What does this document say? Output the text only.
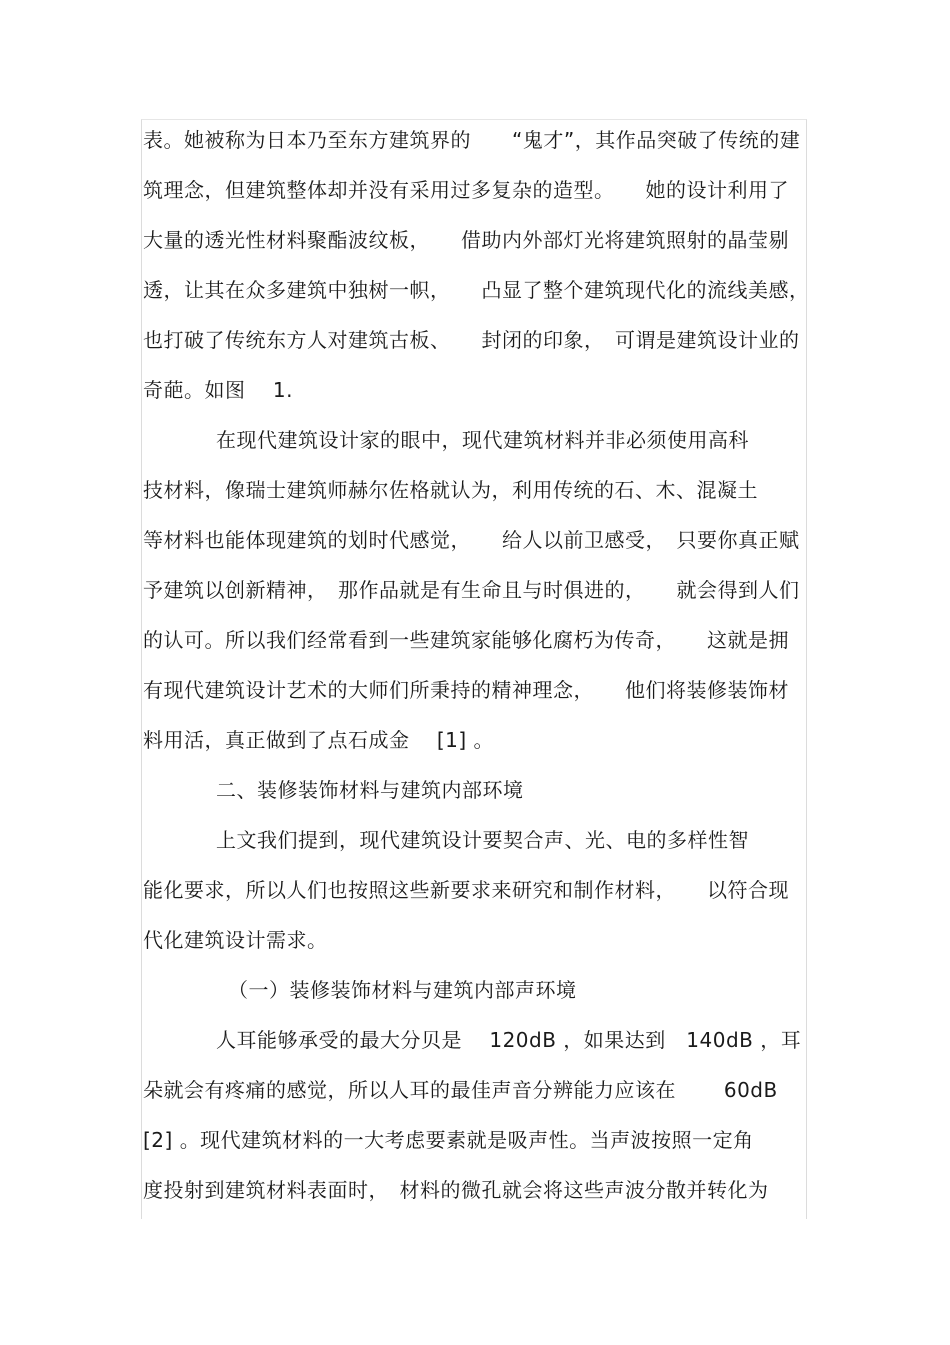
表。她被称为日本乃至东方建筑界的　　“鬼才”，其作品突破了传统的建
筑理念，但建筑整体却并没有采用过多复杂的造型。　　她的设计利用了
大量的透光性材料聚酯波纹板，　　借助内外部灯光将建筑照射的晶莹剔
透，让其在众多建筑中独树一帜，　　凸显了整个建筑现代化的流线美感，
也打破了传统东方人对建筑古板、　　封闭的印象，　可谓是建筑设计业的
奇葩。如图　 1.
在现代建筑设计家的眼中，现代建筑材料并非必须使用高科
技材料，像瑞士建筑师赫尔佐格就认为，利用传统的石、木、混凝土
等材料也能体现建筑的划时代感觉，　　给人以前卫感受，　只要你真正赋
予建筑以创新精神，　那作品就是有生命且与时俱进的，　　就会得到人们
的认可。所以我们经常看到一些建筑家能够化腐朽为传奇，　　这就是拥
有现代建筑设计艺术的大师们所秉持的精神理念，　　他们将装修装饰材
料用活，真正做到了点石成金　 [1] 。
二、装修装饰材料与建筑内部环境
上文我们提到，现代建筑设计要契合声、光、电的多样性智
能化要求，所以人们也按照这些新要求来研究和制作材料，　　以符合现
代化建筑设计需求。
（一）装修装饰材料与建筑内部声环境
人耳能够承受的最大分贝是　 120dB ，如果达到　140dB ，耳
朵就会有疼痛的感觉，所以人耳的最佳声音分辨能力应该在　　 60dB
[2] 。现代建筑材料的一大考虑要素就是吸声性。当声波按照一定角
度投射到建筑材料表面时，　材料的微孔就会将这些声波分散并转化为
